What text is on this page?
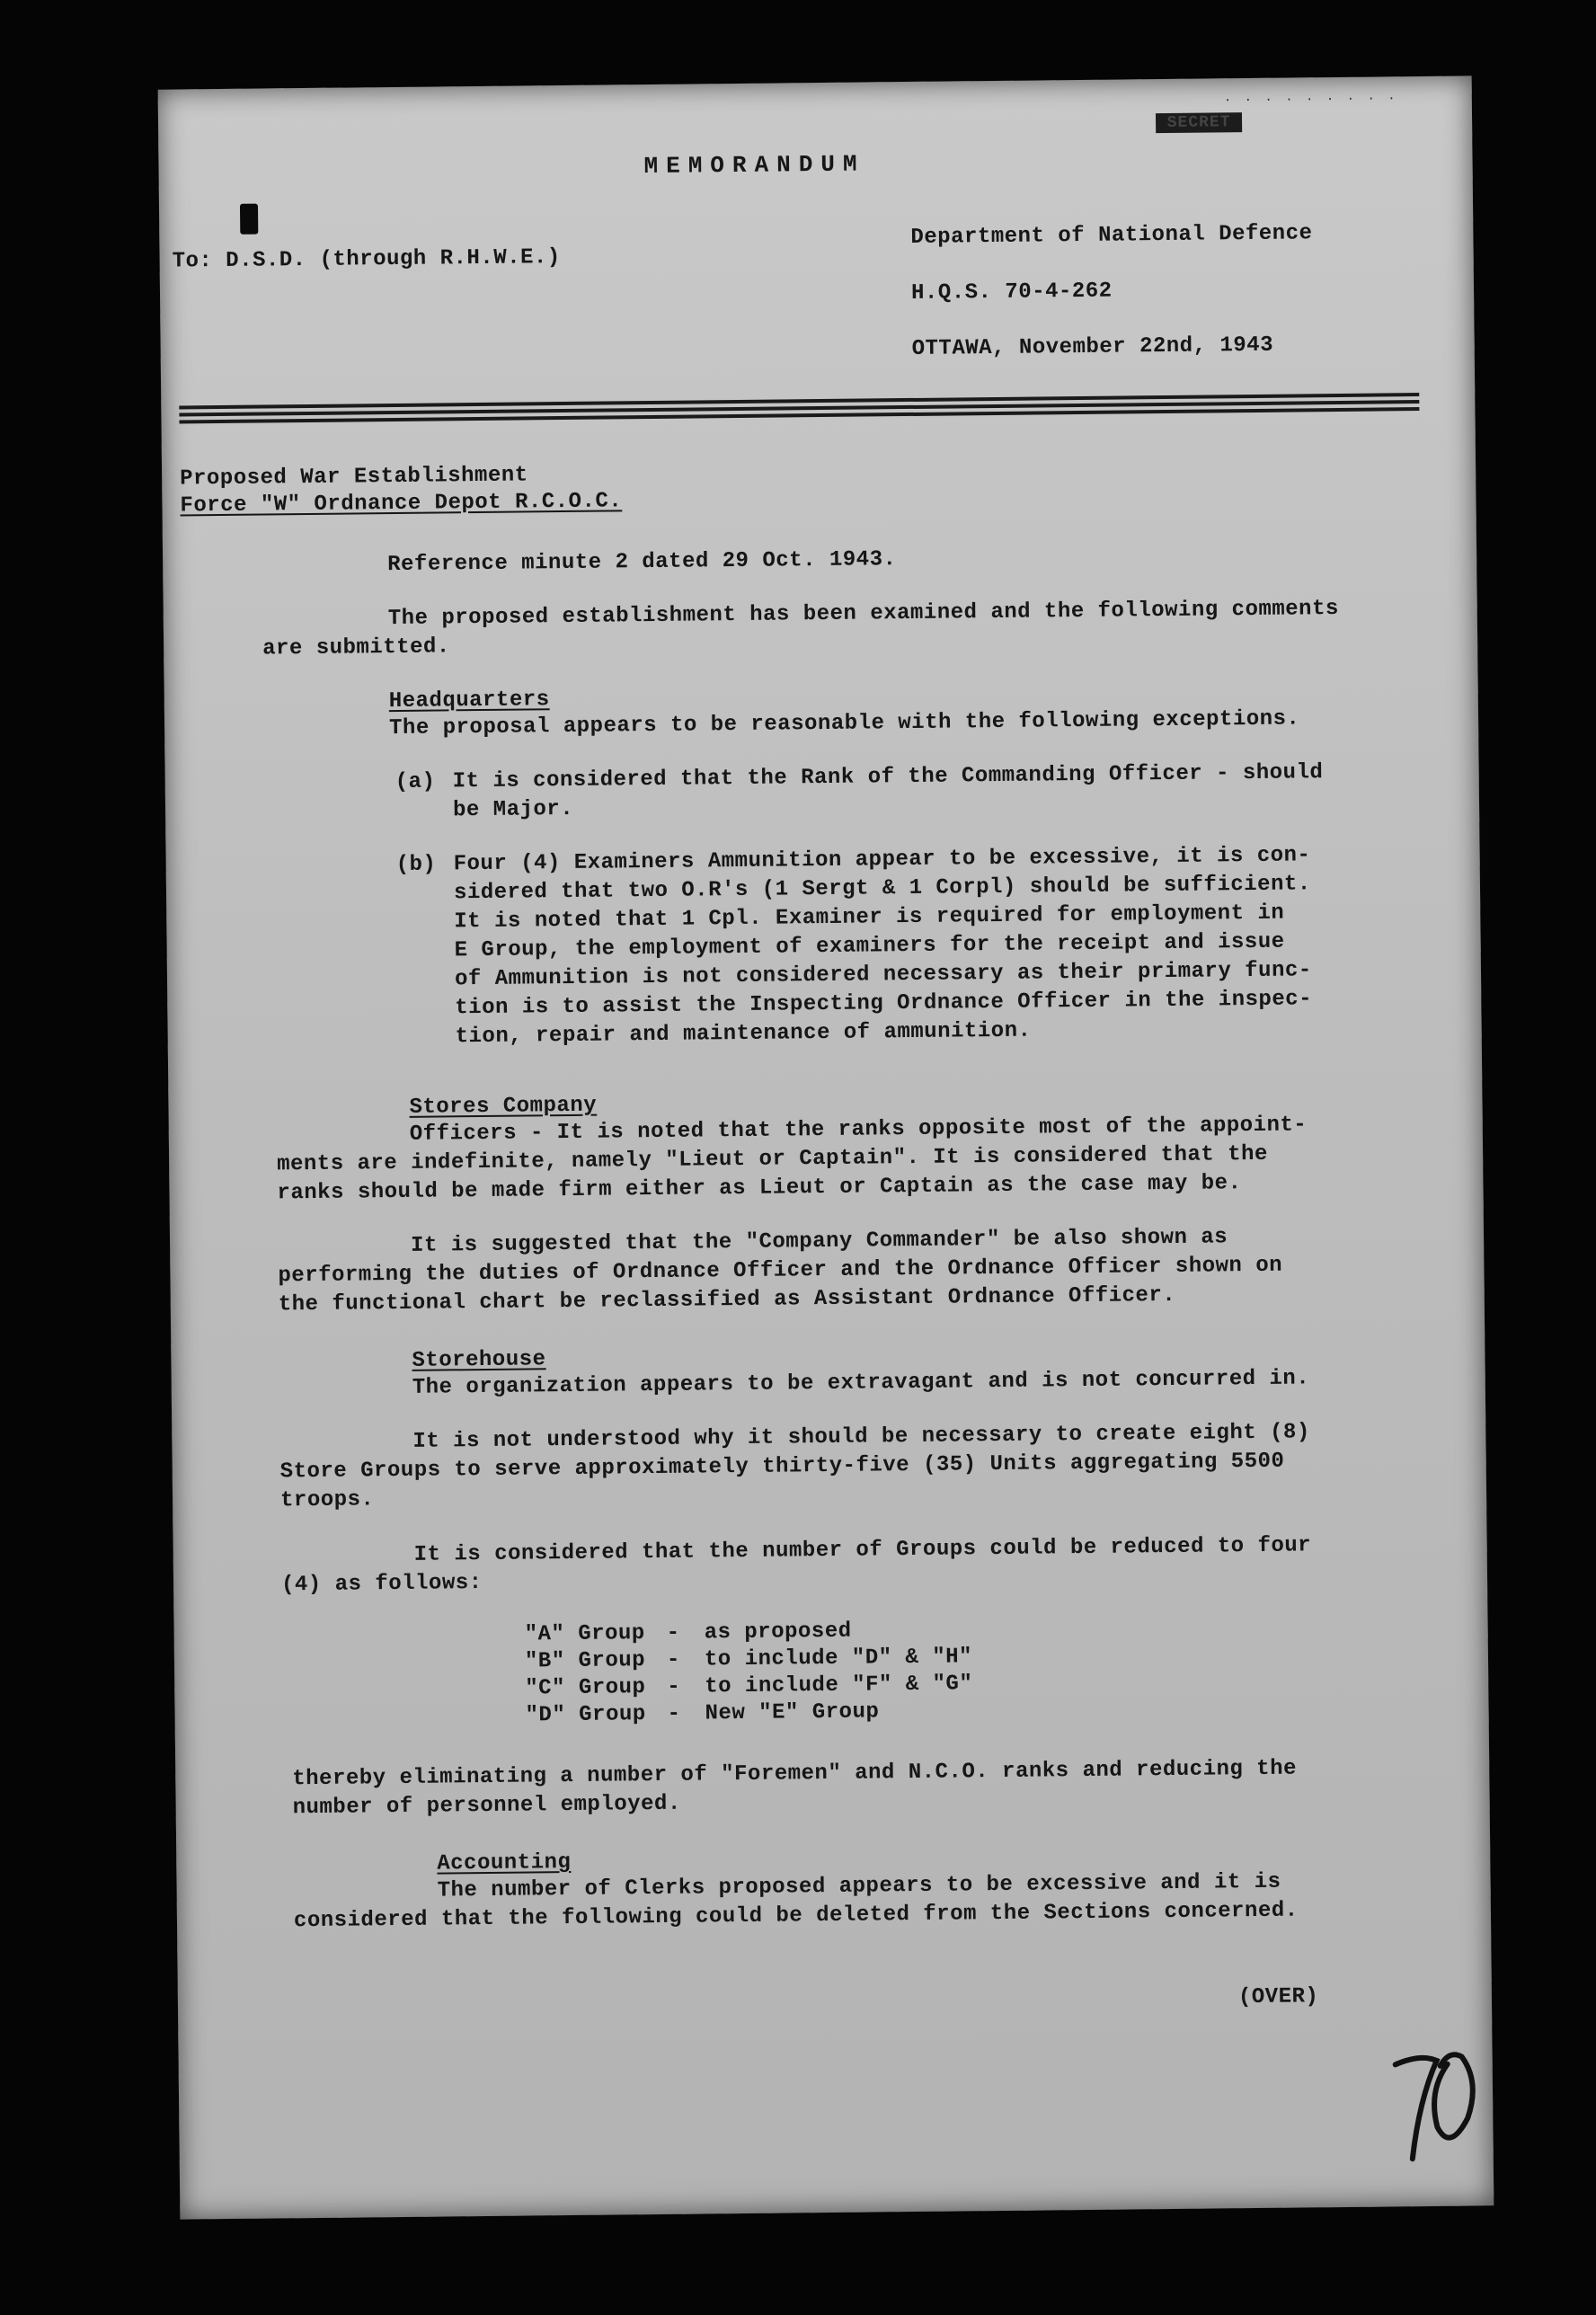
. . . . . . . . .
SECRET
MEMORANDUM
To: D.S.D. (through R.H.W.E.)
Department of National Defence
H.Q.S. 70-4-262
OTTAWA, November 22nd, 1943
Proposed War Establishment
Force "W" Ordnance Depot R.C.O.C.
Reference minute 2 dated 29 Oct. 1943.
The proposed establishment has been examined and the following comments
are submitted.
Headquarters
The proposal appears to be reasonable with the following exceptions.
(a) It is considered that the Rank of the Commanding Officer - should
be Major.
(b) Four (4) Examiners Ammunition appear to be excessive, it is con-
sidered that two O.R's (1 Sergt & 1 Corpl) should be sufficient.
It is noted that 1 Cpl. Examiner is required for employment in
E Group, the employment of examiners for the receipt and issue
of Ammunition is not considered necessary as their primary func-
tion is to assist the Inspecting Ordnance Officer in the inspec-
tion, repair and maintenance of ammunition.
Stores Company
Officers - It is noted that the ranks opposite most of the appoint-
ments are indefinite, namely "Lieut or Captain". It is considered that the
ranks should be made firm either as Lieut or Captain as the case may be.
It is suggested that the "Company Commander" be also shown as
performing the duties of Ordnance Officer and the Ordnance Officer shown on
the functional chart be reclassified as Assistant Ordnance Officer.
Storehouse
The organization appears to be extravagant and is not concurred in.
It is not understood why it should be necessary to create eight (8)
Store Groups to serve approximately thirty-five (35) Units aggregating 5500
troops.
It is considered that the number of Groups could be reduced to four
(4) as follows:
"A" Group - as proposed
"B" Group - to include "D" & "H"
"C" Group - to include "F" & "G"
"D" Group - New "E" Group
thereby eliminating a number of "Foremen" and N.C.O. ranks and reducing the
number of personnel employed.
Accounting
The number of Clerks proposed appears to be excessive and it is
considered that the following could be deleted from the Sections concerned.
(OVER)
